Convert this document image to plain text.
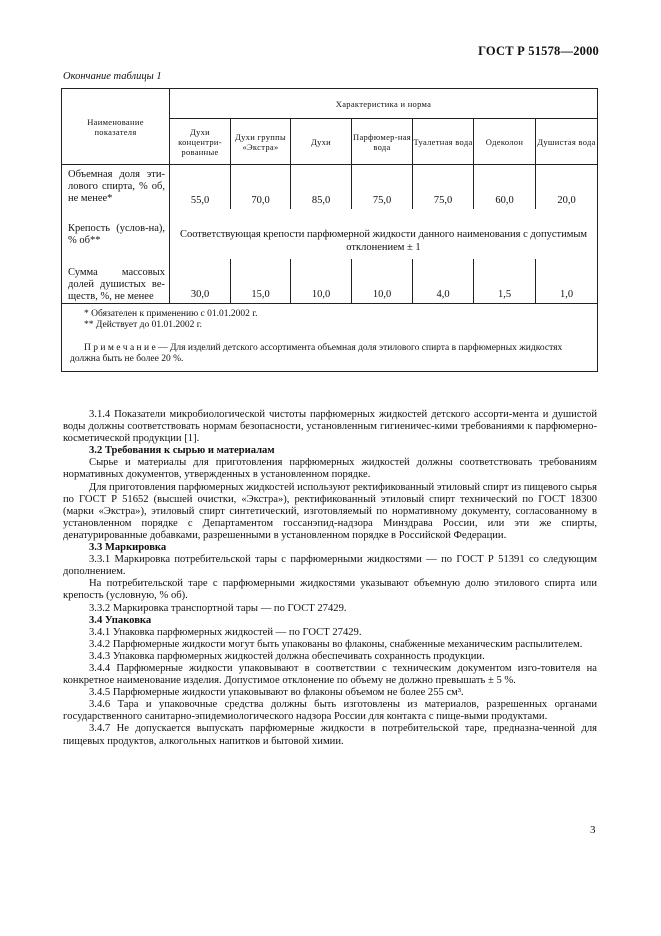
ГОСТ Р 51578—2000
Окончание таблицы 1
Наименование показателя	Характеристика и норма						
	Духи концентри-рованные	Духи группы «Экстра»	Духи	Парфюмер-ная вода	Туалетная вода	Одеколон	Душистая вода
Объемная доля эти-лового спирта, % об, не менее*	55,0	70,0	85,0	75,0	75,0	60,0	20,0
Крепость (услов-на), % об**	Соответствующая крепости парфюмерной жидкости данного наименования с допустимым отклонением ± 1						
Сумма массовых долей душистых ве-ществ, %, не менее	30,0	15,0	10,0	10,0	4,0	1,5	1,0

* Обязателен к применению с 01.01.2002 г.

** Действует до 01.01.2002 г.

П р и м е ч а н и е — Для изделий детского ассортимента объемная доля этилового спирта в парфюмерных жидкостях должна быть не более 20 %.							

3.1.4 Показатели микробиологической чистоты парфюмерных жидкостей детского ассорти-мента и душистой воды должны соответствовать нормам безопасности, установленным гигиеничес-кими требованиями к парфюмерно-косметической продукции [1].

3.2 Требования к сырью и материалам

Сырье и материалы для приготовления парфюмерных жидкостей должны соответствовать требованиям нормативных документов, утвержденных в установленном порядке.

Для приготовления парфюмерных жидкостей используют ректификованный этиловый спирт из пищевого сырья по ГОСТ Р 51652 (высшей очистки, «Экстра»), ректификованный этиловый спирт технический по ГОСТ 18300 (марки «Экстра»), этиловый спирт синтетический, изготовляемый по нормативному документу, согласованному в установленном порядке с Департаментом госсанэпид-надзора Минздрава России, или эти же спирты, денатурированные добавками, разрешенными в установленном порядке в Российской Федерации.

3.3 Маркировка

3.3.1 Маркировка потребительской тары с парфюмерными жидкостями — по ГОСТ Р 51391 со следующим дополнением.

На потребительской таре с парфюмерными жидкостями указывают объемную долю этилового спирта или крепость (условную, % об).

3.3.2 Маркировка транспортной тары — по ГОСТ 27429.

3.4 Упаковка

3.4.1 Упаковка парфюмерных жидкостей — по ГОСТ 27429.

3.4.2 Парфюмерные жидкости могут быть упакованы во флаконы, снабженные механическим распылителем.

3.4.3 Упаковка парфюмерных жидкостей должна обеспечивать сохранность продукции.

3.4.4 Парфюмерные жидкости упаковывают в соответствии с техническим документом изго-товителя на конкретное наименование изделия. Допустимое отклонение по объему не должно превышать ± 5 %.

3.4.5 Парфюмерные жидкости упаковывают во флаконы объемом не более 255 см³.

3.4.6 Тара и упаковочные средства должны быть изготовлены из материалов, разрешенных органами государственного санитарно-эпидемиологического надзора России для контакта с пище-выми продуктами.

3.4.7 Не допускается выпускать парфюмерные жидкости в потребительской таре, предназна-ченной для пищевых продуктов, алкогольных напитков и бытовой химии.

3
